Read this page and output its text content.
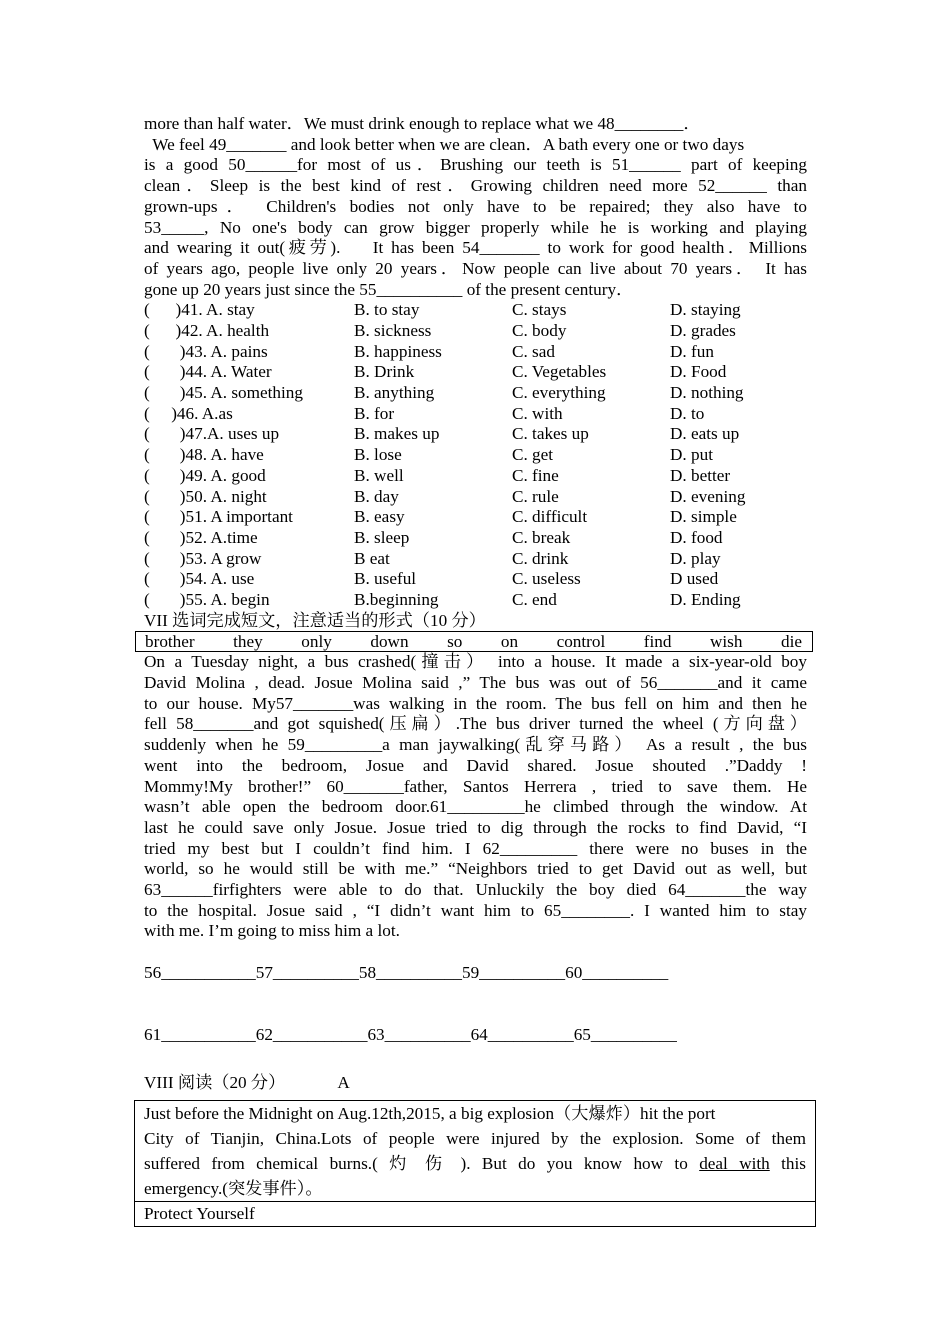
more than half water．We must drink enough to replace what we 48________．

We feel 49_______ and look better when we are clean．A bath every one or two days

is a good 50______for most of us．Brushing our teeth is 51______ part of keeping

clean．Sleep is the best kind of rest．Growing children need more 52______ than

grown-ups． Children's bodies not only have to be repaired; they also have to

53_____, No one's body can grow bigger properly while he is working and playing

and wearing it out(疲劳).　 It has been 54_______ to work for good health．Millions

of years ago, people live only 20 years．Now people can live about 70 years． It has

gone up 20 years just since the 55__________ of the present century．

(　  )41. A. stay	B. to stay	C. stays	D. staying
(　  )42. A. health	B. sickness	C. body	D. grades
(　   )43. A. pains	B. happiness	C. sad	D. fun
(　   )44. A. Water	B. Drink	C. Vegetables	D. Food
(　   )45. A. something	B. anything	C. everything	D. nothing
(　 )46. A.as	B. for	C. with	D. to
(　   )47.A. uses up	B. makes up	C. takes up	D. eats up
(　   )48. A. have	B. lose	C. get	D. put
(　   )49. A. good	B. well	C. fine	D. better
(　   )50. A. night	B. day	C. rule	D. evening
(　   )51. A important	B. easy	C. difficult	D. simple
(　   )52. A.time	B. sleep	C. break	D. food
(　   )53. A grow	B eat	C. drink	D. play
(　   )54. A. use	B. useful	C. useless	D used
(　   )55. A. begin	B.beginning	C. end	D. Ending

VII 选词完成短文，注意适当的形式（10 分）

brother they only down so on control find wish die

On a Tuesday night, a bus crashed(撞击） into a house. It made a six-year-old boy

David Molina , dead. Josue Molina said ,” The bus was out of 56_______and it came

to our house. My57_______was walking in the room. The bus fell on him and then he

fell 58_______and got squished(压扁）.The bus driver turned the wheel (方向盘）

suddenly when he 59_________a man jaywalking(乱穿马路） As a result , the bus

went into the bedroom, Josue and David shared. Josue shouted .”Daddy !

Mommy!My brother!” 60_______father, Santos Herrera , tried to save them. He

wasn’t able open the bedroom door.61_________he climbed through the window. At

last he could save only Josue. Josue tried to dig through the rocks to find David, “I

tried my best but I couldn’t find him. I 62_________ there were no buses in the

world, so he would still be with me.” “Neighbors tried to get David out as well, but

63______firfighters were able to do that. Unluckily the boy died 64_______the way

to the hospital. Josue said , “I didn’t want him to 65________. I wanted him to stay

with me. I’m going to miss him a lot.

56___________57__________58__________59__________60__________

61___________62___________63__________64__________65__________

VIII 阅读（20 分）	A

Just before the Midnight on Aug.12th,2015, a big explosion（大爆炸）hit the port

City of Tianjin, China.Lots of people were injured by the explosion. Some of them

suffered from chemical burns.( 灼 伤 ). But do you know how to deal with this

emergency.(突发事件）。

Protect Yourself
